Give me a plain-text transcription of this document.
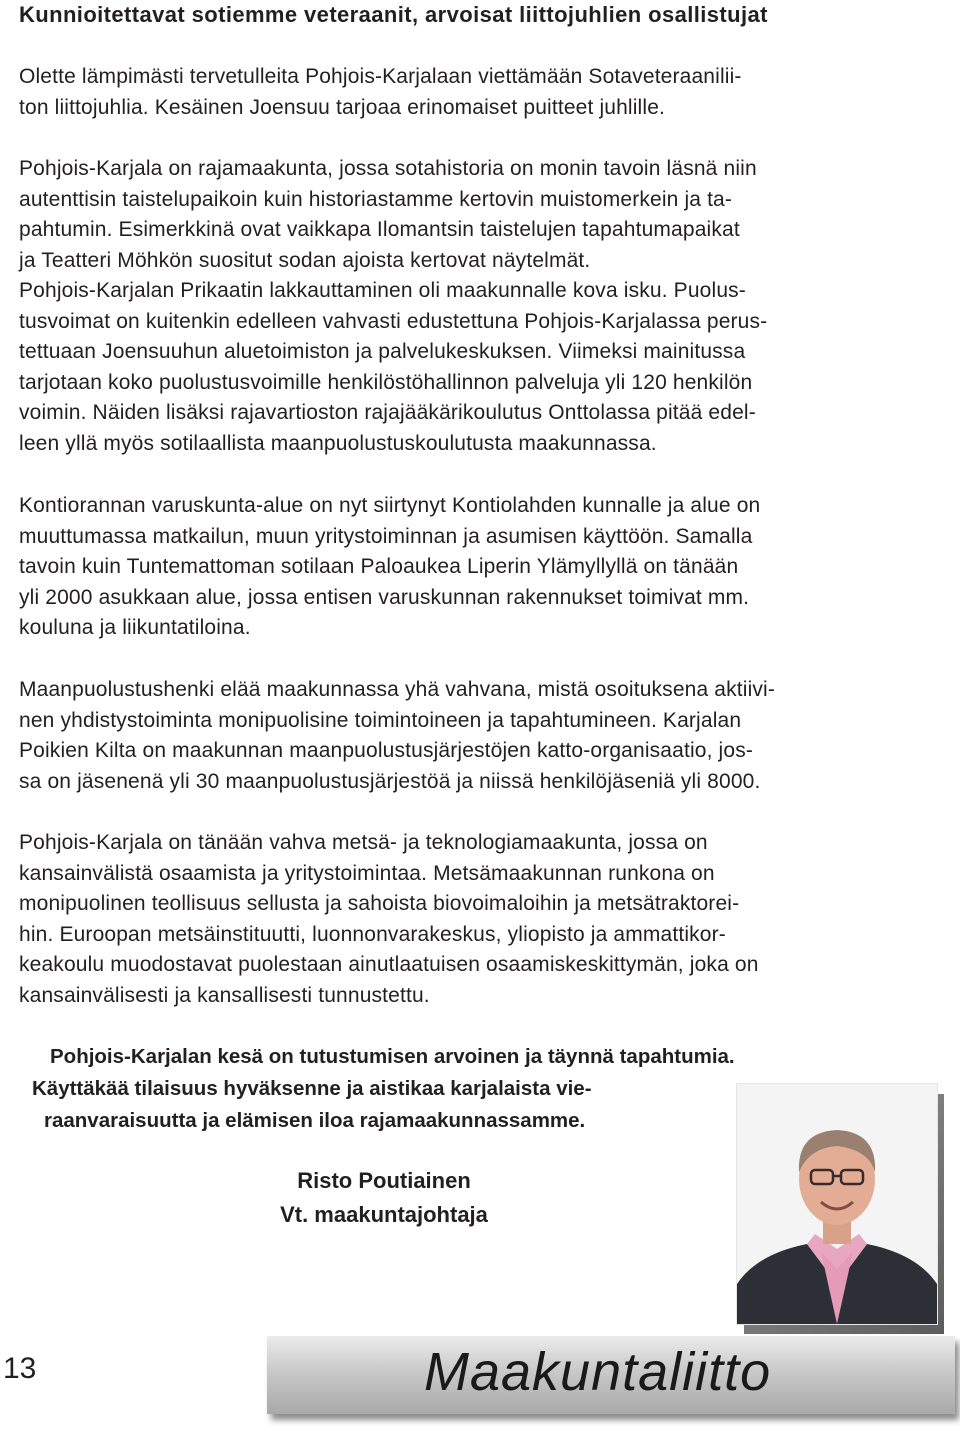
Kunnioitettavat sotiemme veteraanit, arvoisat liittojuhlien osallistujat

Olette lämpimästi tervetulleita Pohjois-Karjalaan viettämään Sotaveteraanilii-
ton liittojuhlia. Kesäinen Joensuu tarjoaa erinomaiset puitteet juhlille.

Pohjois-Karjala on rajamaakunta, jossa sotahistoria on monin tavoin läsnä niin
autenttisin taistelupaikoin kuin historiastamme kertovin muistomerkein ja ta-
pahtumin. Esimerkkinä ovat vaikkapa Ilomantsin taistelujen tapahtumapaikat
ja Teatteri Möhkön suositut sodan ajoista kertovat näytelmät.
Pohjois-Karjalan Prikaatin lakkauttaminen oli maakunnalle kova isku. Puolus-
tusvoimat on kuitenkin edelleen vahvasti edustettuna Pohjois-Karjalassa perus-
tettuaan Joensuuhun aluetoimiston ja palvelukeskuksen. Viimeksi mainitussa
tarjotaan koko puolustusvoimille henkilöstöhallinnon palveluja yli 120 henkilön
voimin. Näiden lisäksi rajavartioston rajajääkärikoulutus Onttolassa pitää edel-
leen yllä myös sotilaallista maanpuolustuskoulutusta maakunnassa.

Kontiorannan varuskunta-alue on nyt siirtynyt Kontiolahden kunnalle ja alue on
muuttumassa matkailun, muun yritystoiminnan ja asumisen käyttöön. Samalla
tavoin kuin Tuntemattoman sotilaan Paloaukea Liperin Ylämyllyllä on tänään
yli 2000 asukkaan alue, jossa entisen varuskunnan rakennukset toimivat mm.
kouluna ja liikuntatiloina.

Maanpuolustushenki elää maakunnassa yhä vahvana, mistä osoituksena aktiivi-
nen yhdistystoiminta monipuolisine toimintoineen ja tapahtumineen. Karjalan
Poikien Kilta on maakunnan maanpuolustusjärjestöjen katto-organisaatio, jos-
sa on jäsenenä yli 30 maanpuolustusjärjestöä ja niissä henkilöjäseniä yli 8000.

Pohjois-Karjala on tänään vahva metsä- ja teknologiamaakunta, jossa on
kansainvälistä osaamista ja yritystoimintaa. Metsämaakunnan runkona on
monipuolinen teollisuus sellusta ja sahoista biovoimaloihin ja metsätraktorei-
hin. Euroopan metsäinstituutti, luonnonvarakeskus, yliopisto ja ammattikor-
keakoulu muodostavat puolestaan ainutlaatuisen osaamiskeskittymän, joka on
kansainvälisesti ja kansallisesti tunnustettu.

Pohjois-Karjalan kesä on tutustumisen arvoinen ja täynnä tapahtumia.
Käyttäkää tilaisuus hyväksenne ja aistikaa karjalaista vie-
raanvaraisuutta ja elämisen iloa rajamaakunnassamme.
Risto Poutiainen
Vt. maakuntajohtaja
13	Maakuntaliitto
